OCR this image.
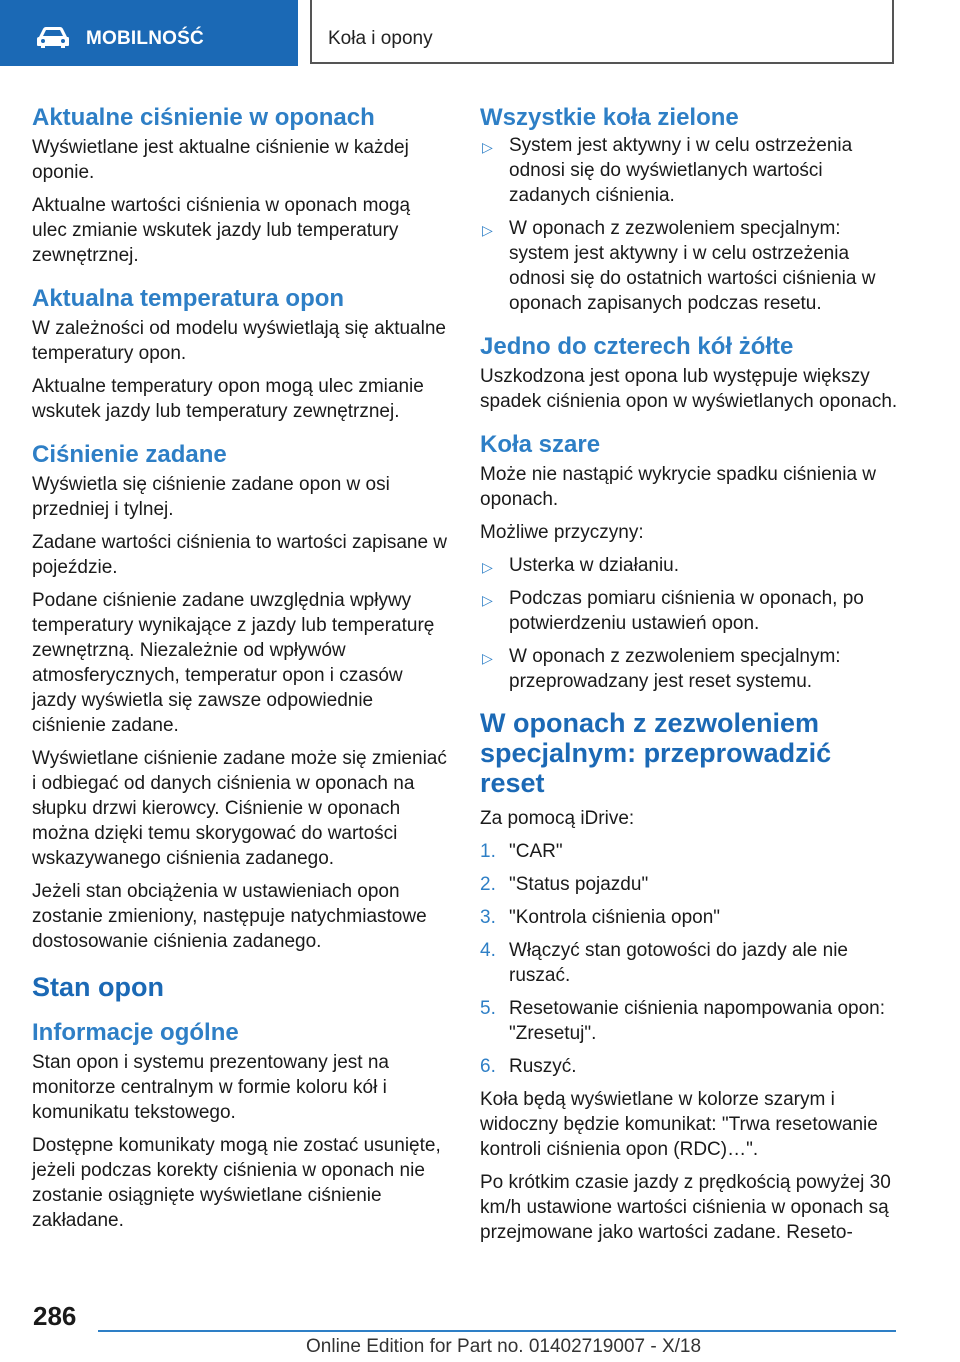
MOBILNOŚĆ	Koła i opony
Aktualne ciśnienie w oponach

Wyświetlane jest aktualne ciśnienie w każdej oponie.

Aktualne wartości ciśnienia w oponach mogą ulec zmianie wskutek jazdy lub temperatury zewnętrznej.

Aktualna temperatura opon

W zależności od modelu wyświetlają się aktualne temperatury opon.

Aktualne temperatury opon mogą ulec zmianie wskutek jazdy lub temperatury zewnętrznej.

Ciśnienie zadane

Wyświetla się ciśnienie zadane opon w osi przedniej i tylnej.

Zadane wartości ciśnienia to wartości zapisane w pojeździe.

Podane ciśnienie zadane uwzględnia wpływy temperatury wynikające z jazdy lub temperaturę zewnętrzną. Niezależnie od wpływów atmosferycznych, temperatur opon i czasów jazdy wyświetla się zawsze odpowiednie ciśnienie zadane.

Wyświetlane ciśnienie zadane może się zmieniać i odbiegać od danych ciśnienia w oponach na słupku drzwi kierowcy. Ciśnienie w oponach można dzięki temu skorygować do wartości wskazywanego ciśnienia zadanego.

Jeżeli stan obciążenia w ustawieniach opon zostanie zmieniony, następuje natychmiastowe dostosowanie ciśnienia zadanego.

Stan opon
Informacje ogólne

Stan opon i systemu prezentowany jest na monitorze centralnym w formie koloru kół i komunikatu tekstowego.

Dostępne komunikaty mogą nie zostać usunięte, jeżeli podczas korekty ciśnienia w oponach nie zostanie osiągnięte wyświetlane ciśnienie zakładane.

Wszystkie koła zielone
▷ System jest aktywny i w celu ostrzeżenia odnosi się do wyświetlanych wartości zadanych ciśnienia.
▷ W oponach z zezwoleniem specjalnym: system jest aktywny i w celu ostrzeżenia odnosi się do ostatnich wartości ciśnienia w oponach zapisanych podczas resetu.
Jedno do czterech kół żółte

Uszkodzona jest opona lub występuje większy spadek ciśnienia opon w wyświetlanych oponach.

Koła szare

Może nie nastąpić wykrycie spadku ciśnienia w oponach.

Możliwe przyczyny:

▷ Usterka w działaniu.
▷ Podczas pomiaru ciśnienia w oponach, po potwierdzeniu ustawień opon.
▷ W oponach z zezwoleniem specjalnym: przeprowadzany jest reset systemu.
W oponach z zezwoleniem specjalnym: przeprowadzić reset

Za pomocą iDrive:

1. "CAR"
2. "Status pojazdu"
3. "Kontrola ciśnienia opon"
4. Włączyć stan gotowości do jazdy ale nie ruszać.
5. Resetowanie ciśnienia napompowania opon: "Zresetuj".
6. Ruszyć.

Koła będą wyświetlane w kolorze szarym i widoczny będzie komunikat: "Trwa resetowanie kontroli ciśnienia opon (RDC)…".

Po krótkim czasie jazdy z prędkością powyżej 30 km/h ustawione wartości ciśnienia w oponach są przejmowane jako wartości zadane. Reseto-

286
Online Edition for Part no. 01402719007 - X/18
